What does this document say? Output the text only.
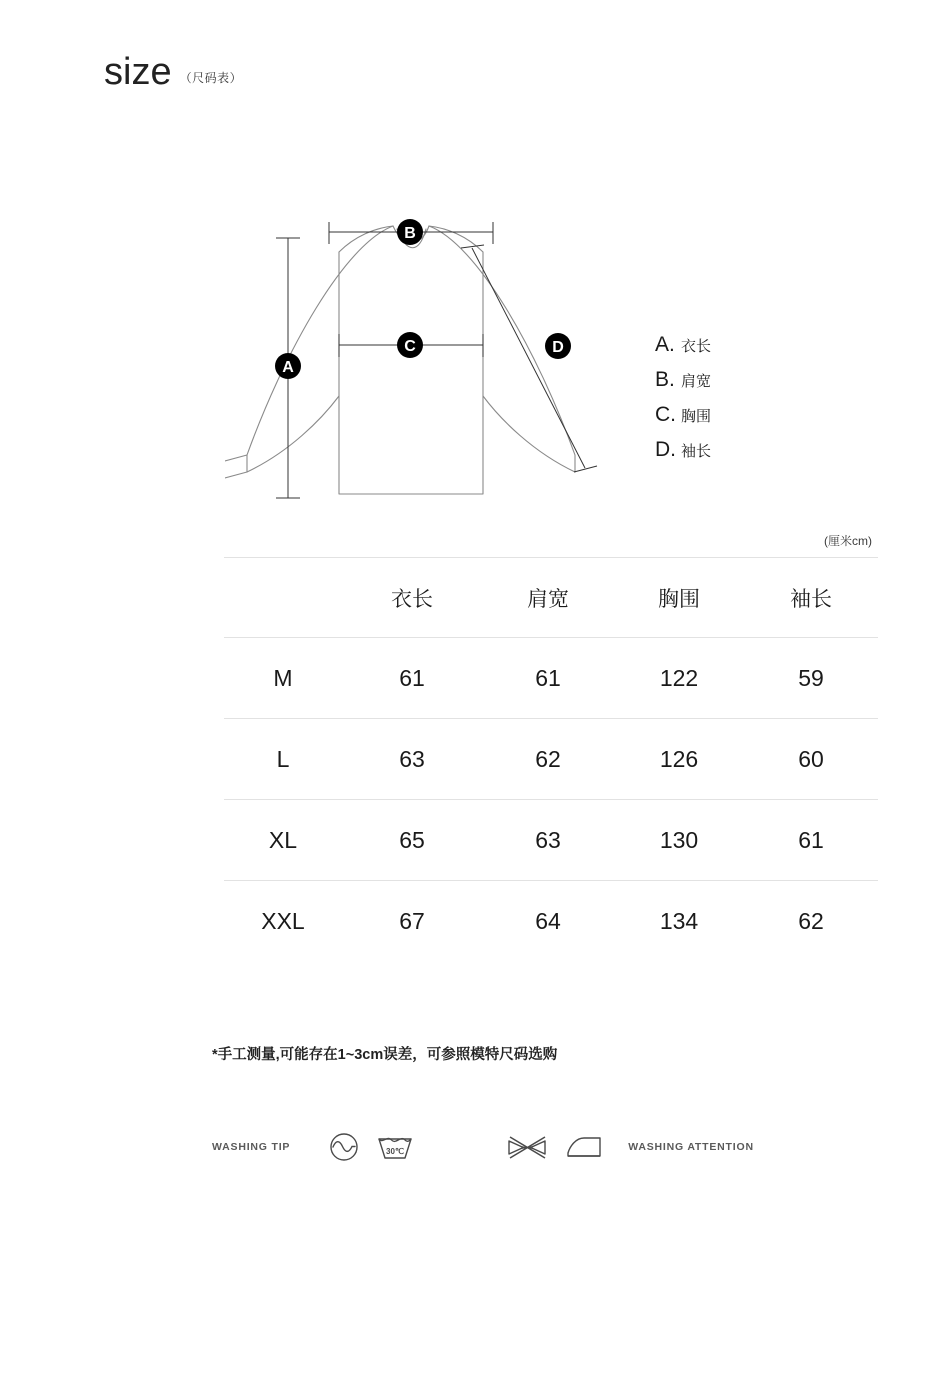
size （尺码表）
A
B
C	D	A. 衣长
B. 肩宽
C. 胸围
D. 袖长
(厘米cm)
	衣长	肩宽	胸围	袖长
M	61	61	122	59
L	63	62	126	60
XL	65	63	130	61
XXL	67	64	134	62
*手工测量,可能存在1~3cm误差，可参照模特尺码选购
WASHING TIP	30℃	WASHING ATTENTION
